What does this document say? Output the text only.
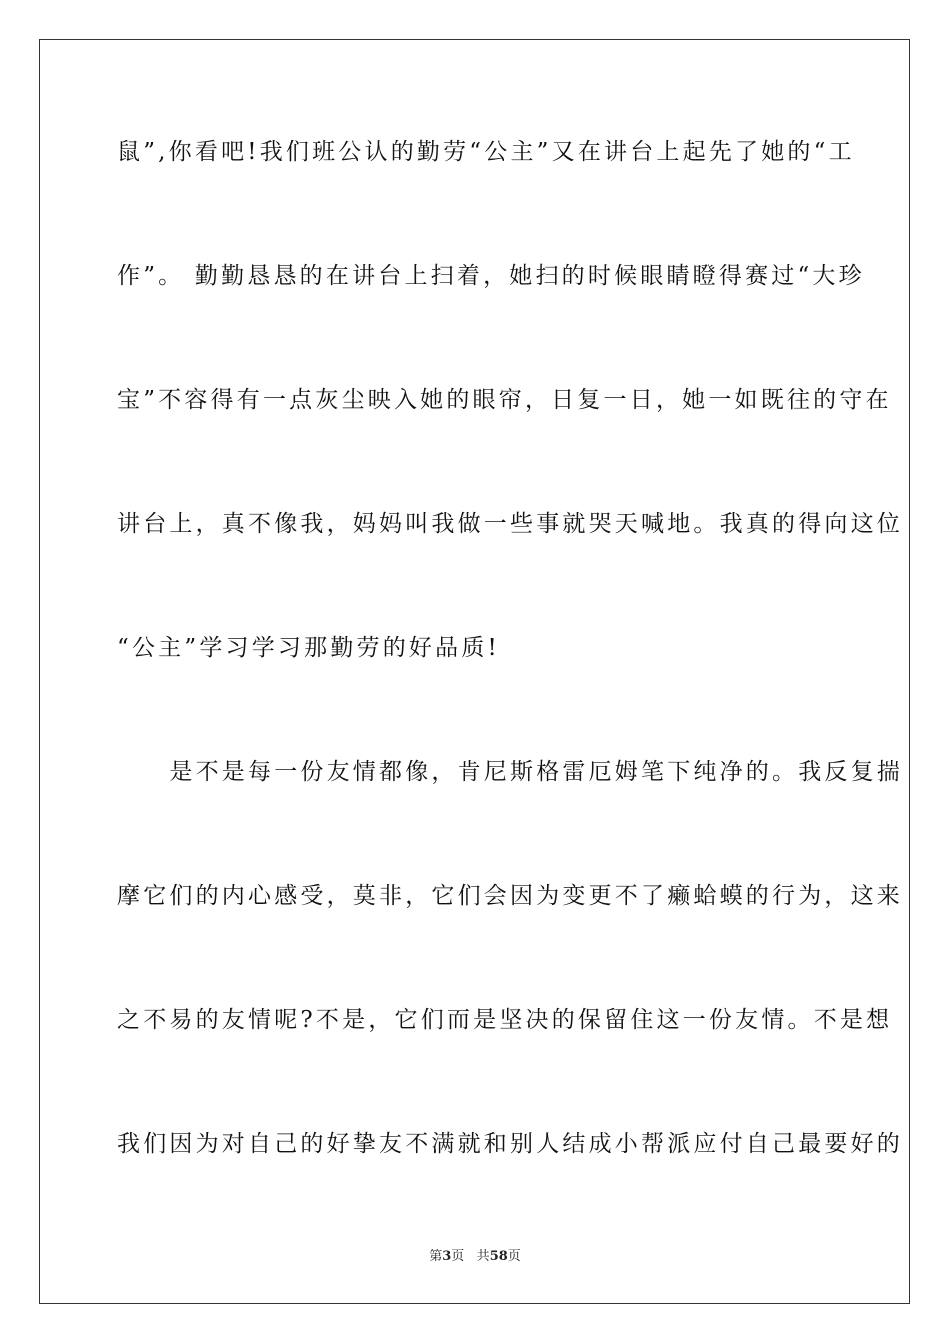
鼠”,你看吧!我们班公认的勤劳“公主”又在讲台上起先了她的“工
作”。 勤勤恳恳的在讲台上扫着，她扫的时候眼睛瞪得赛过“大珍
宝”不容得有一点灰尘映入她的眼帘，日复一日，她一如既往的守在
讲台上，真不像我，妈妈叫我做一些事就哭天喊地。我真的得向这位
“公主”学习学习那勤劳的好品质!
　　是不是每一份友情都像，肯尼斯格雷厄姆笔下纯净的。我反复揣
摩它们的内心感受，莫非，它们会因为变更不了癞蛤蟆的行为，这来
之不易的友情呢?不是，它们而是坚决的保留住这一份友情。不是想
我们因为对自己的好挚友不满就和别人结成小帮派应付自己最要好的
第3页 共58页
